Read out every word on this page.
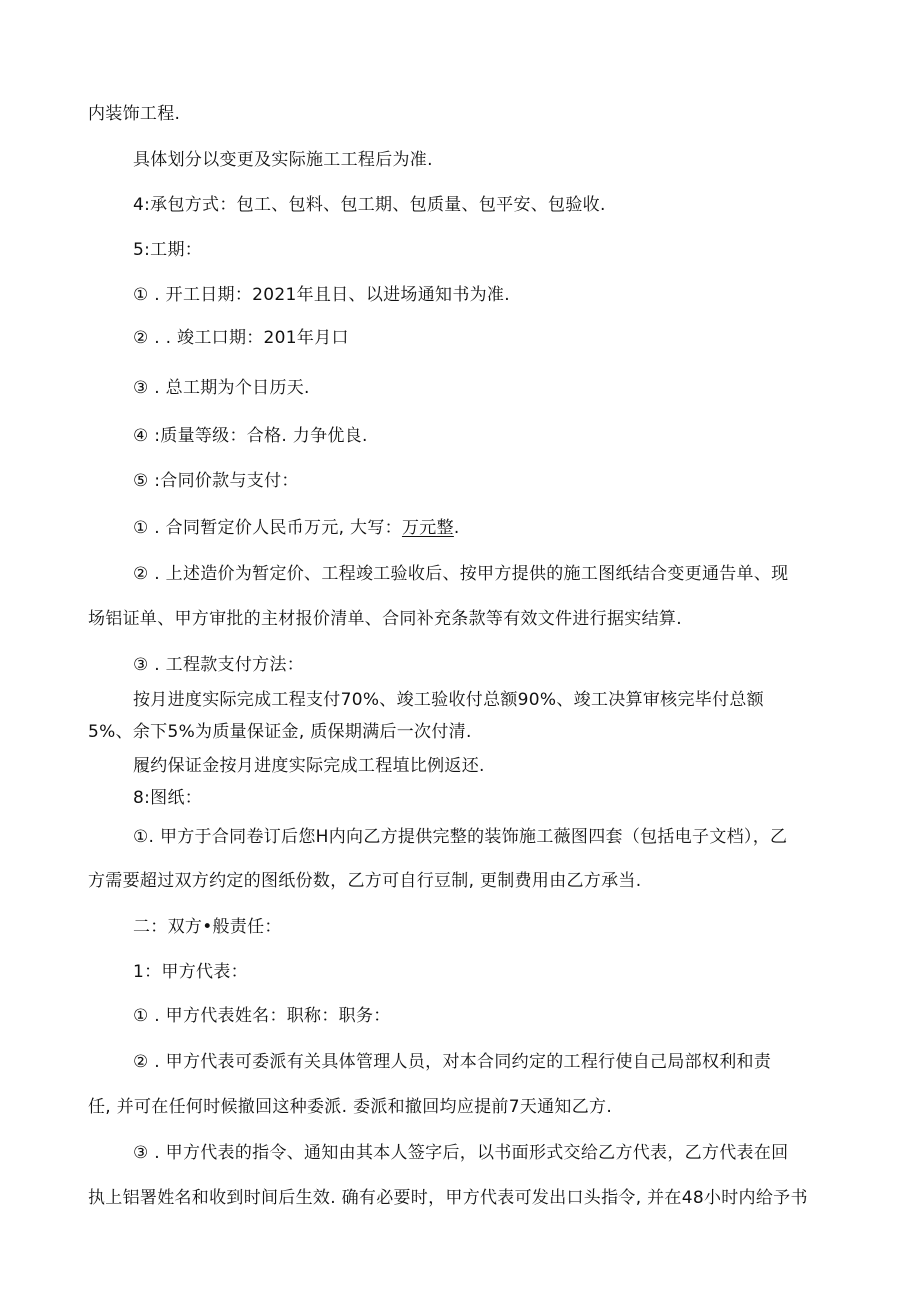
内装饰工程.

具体划分以变更及实际施工工程后为准.

4:承包方式：包工、包料、包工期、包质量、包平安、包验收.

5:工期：

① . 开工日期：2021年且日、以进场通知书为准.

② . . 竣工口期：201年月口

③ . 总工期为个日历天.

④ :质量等级：合格. 力争优良.

⑤ :合同价款与支付：

① . 合同暂定价人民币万元, 大写：万元整.

② . 上述造价为暂定价、工程竣工验收后、按甲方提供的施工图纸结合变更通告单、现

场铝证单、甲方审批的主材报价清单、合同补充条款等有效文件进行据实结算.

③ . 工程款支付方法：

按月进度实际完成工程支付70%、竣工验收付总额90%、竣工决算审核完毕付总额

5%、余下5%为质量保证金, 质保期满后一次付清.

履约保证金按月进度实际完成工程埴比例返还.

8:图纸：

①. 甲方于合同卷订后您H内向乙方提供完整的装饰施工薇图四套（包括电子文档），乙

方需要超过双方约定的图纸份数，乙方可自行豆制, 更制费用由乙方承当.

二：双方•般责任：

1：甲方代表：

① . 甲方代表姓名：职称：职务：

② . 甲方代表可委派有关具体管理人员，对本合同约定的工程行使自己局部权利和责

任, 并可在任何时候撤回这种委派. 委派和撤回均应提前7天通知乙方.

③ . 甲方代表的指令、通知由其本人签字后，以书面形式交给乙方代表，乙方代表在回

执上铝署姓名和收到时间后生效. 确有必要时，甲方代表可发出口头指令, 并在48小时内给予书
